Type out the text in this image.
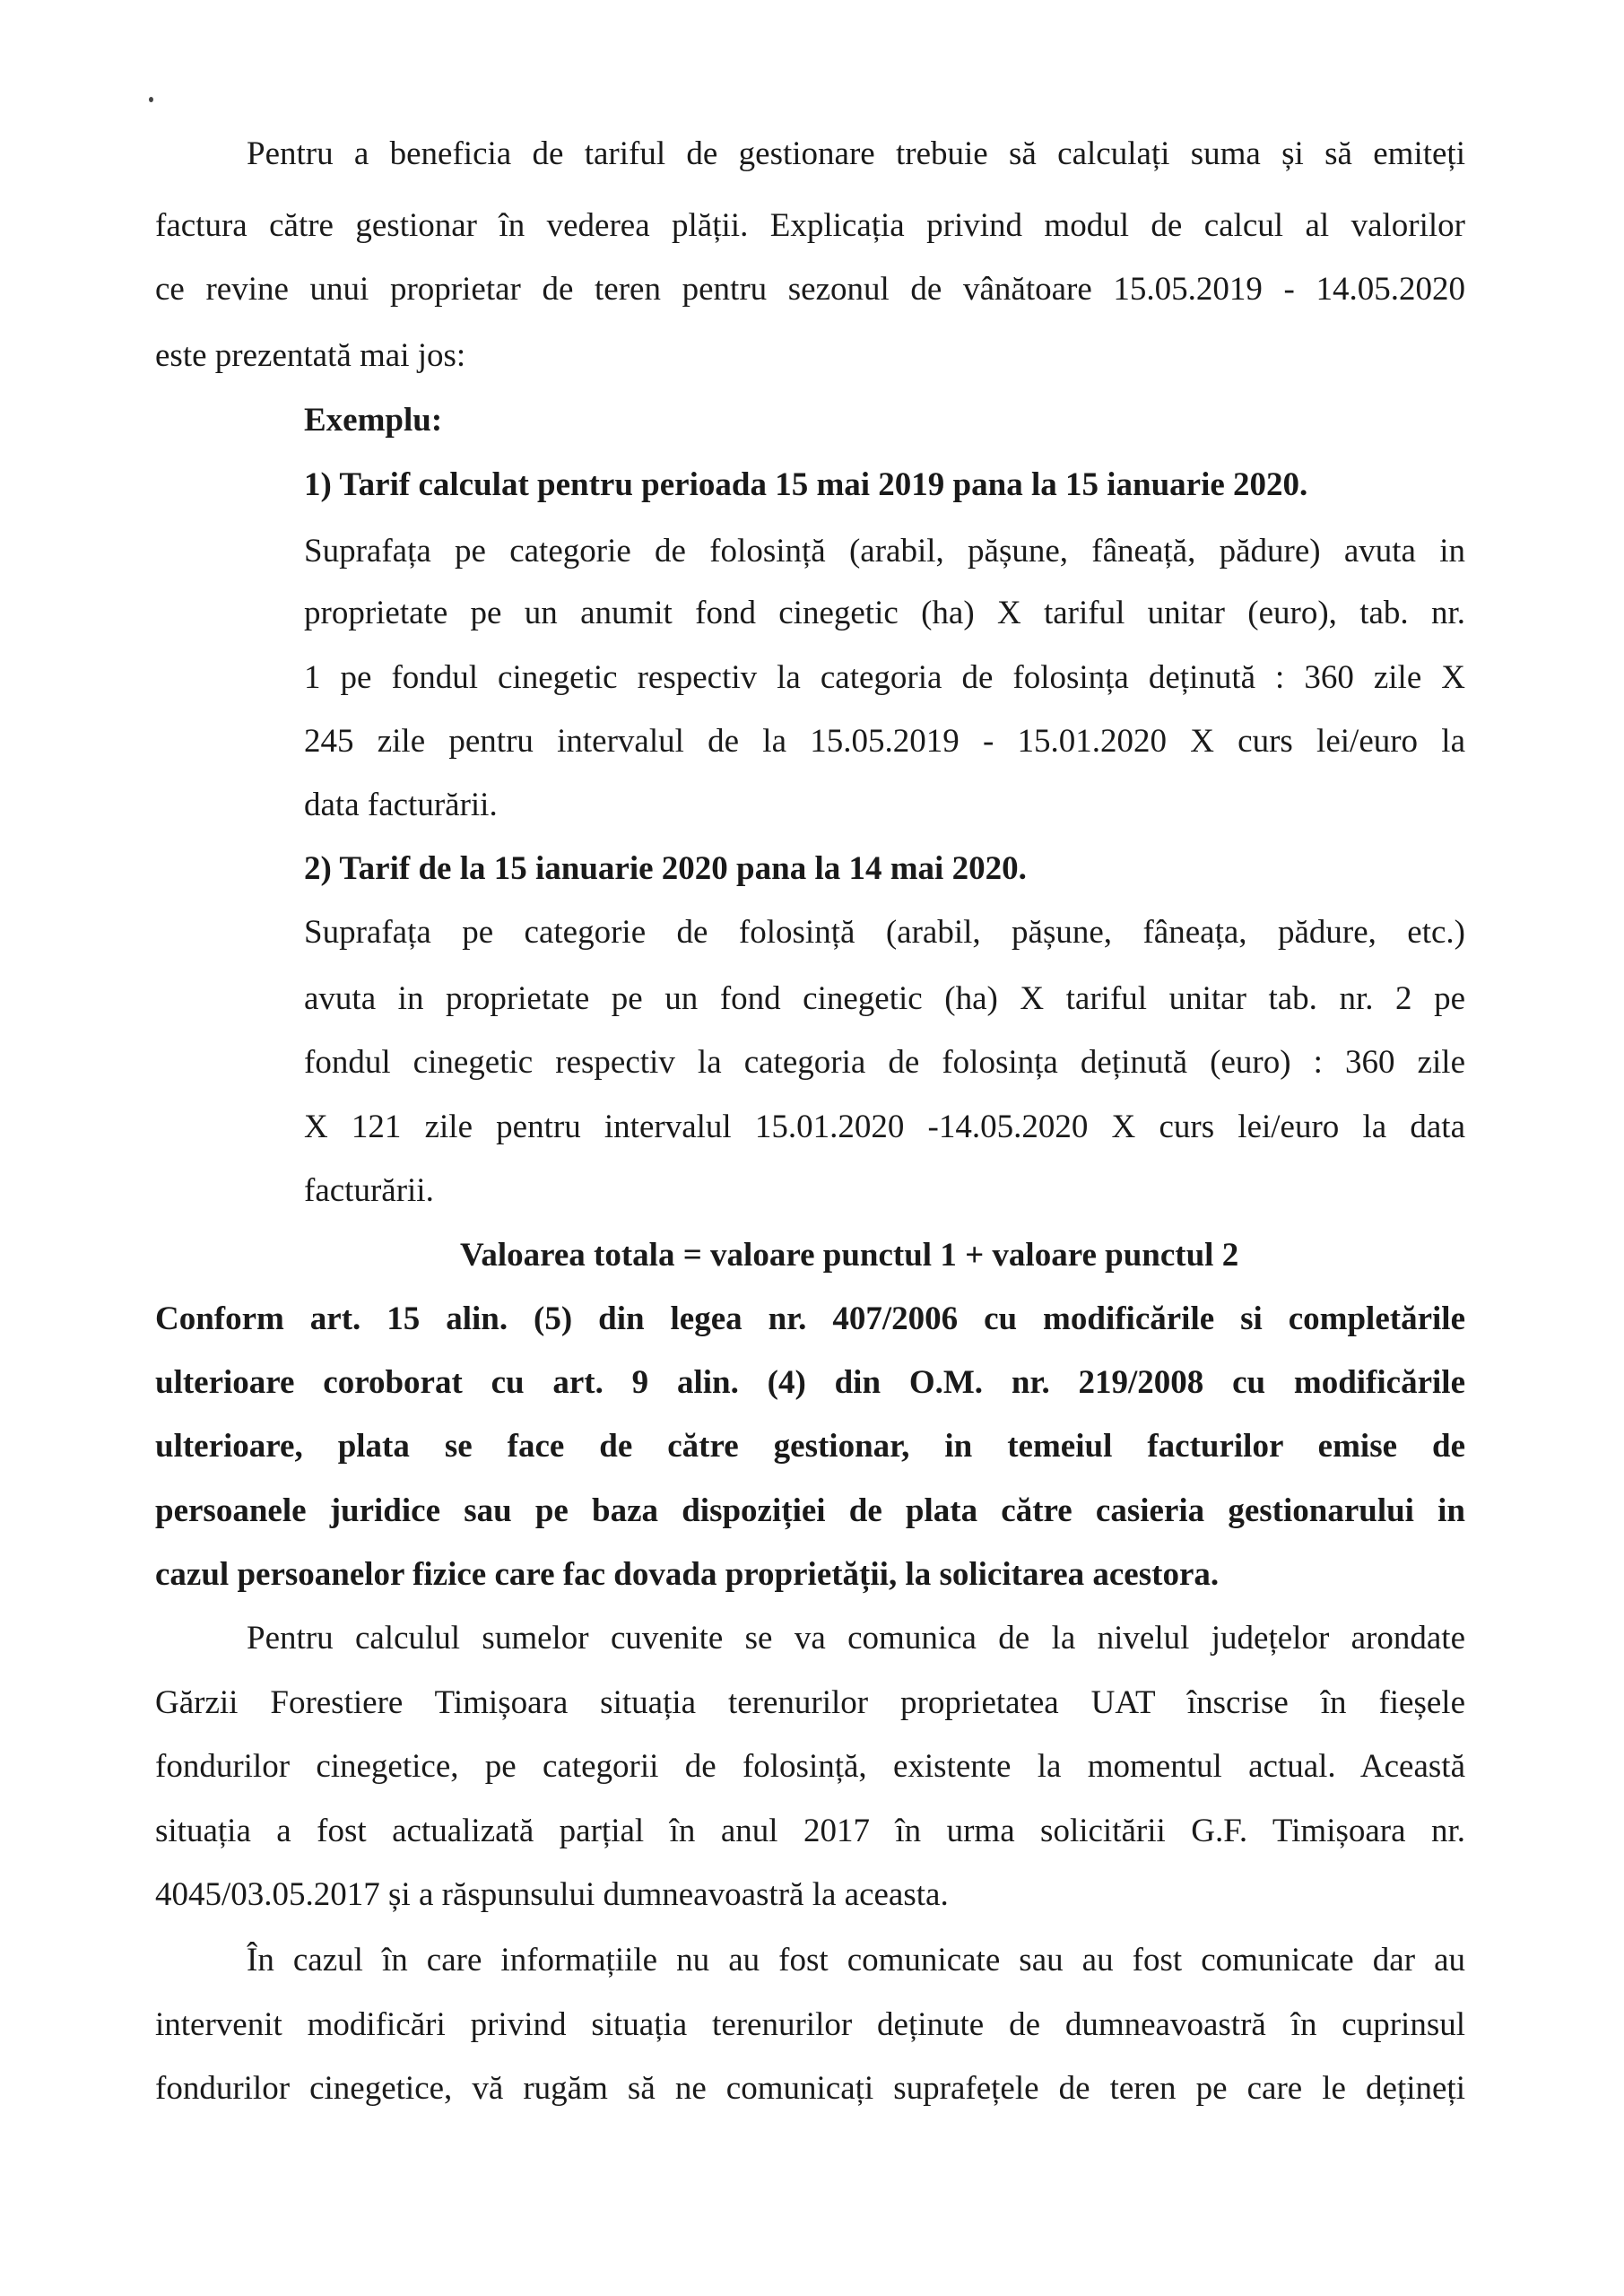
Pentru a beneficia de tariful de gestionare trebuie să calculați suma și să emiteți
factura către gestionar în vederea plății. Explicația privind modul de calcul al valorilor
ce revine unui proprietar de teren pentru sezonul de vânătoare 15.05.2019 - 14.05.2020
este prezentată mai jos:
Exemplu:
1) Tarif calculat pentru perioada 15 mai 2019 pana la 15 ianuarie 2020.
Suprafața pe categorie de folosință (arabil, pășune, fâneață, pădure) avuta in
proprietate pe un anumit fond cinegetic (ha) X tariful unitar (euro), tab. nr.
1 pe fondul cinegetic respectiv la categoria de folosința deținută : 360 zile X
245 zile pentru intervalul de la 15.05.2019 - 15.01.2020 X curs lei/euro la
data facturării.
2) Tarif de la 15 ianuarie 2020 pana la 14 mai 2020.
Suprafața pe categorie de folosință (arabil, pășune, fâneața, pădure, etc.)
avuta in proprietate pe un fond cinegetic (ha) X tariful unitar tab. nr. 2 pe
fondul cinegetic respectiv la categoria de folosința deținută (euro) : 360 zile
X 121 zile pentru intervalul 15.01.2020 -14.05.2020 X curs lei/euro la data
facturării.
Valoarea totala = valoare punctul 1 + valoare punctul 2
Conform art. 15 alin. (5) din legea nr. 407/2006 cu modificările si completările
ulterioare coroborat cu art. 9 alin. (4) din O.M. nr. 219/2008 cu modificările
ulterioare, plata se face de către gestionar, in temeiul facturilor emise de
persoanele juridice sau pe baza dispoziției de plata către casieria gestionarului in
cazul persoanelor fizice care fac dovada proprietății, la solicitarea acestora.
Pentru calculul sumelor cuvenite se va comunica de la nivelul județelor arondate
Gărzii Forestiere Timișoara situația terenurilor proprietatea UAT înscrise în fieșele
fondurilor cinegetice, pe categorii de folosință, existente la momentul actual. Această
situația a fost actualizată parțial în anul 2017 în urma solicitării G.F. Timișoara nr.
4045/03.05.2017 și a răspunsului dumneavoastră la aceasta.
În cazul în care informațiile nu au fost comunicate sau au fost comunicate dar au
intervenit modificări privind situația terenurilor deținute de dumneavoastră în cuprinsul
fondurilor cinegetice, vă rugăm să ne comunicați suprafețele de teren pe care le dețineți
